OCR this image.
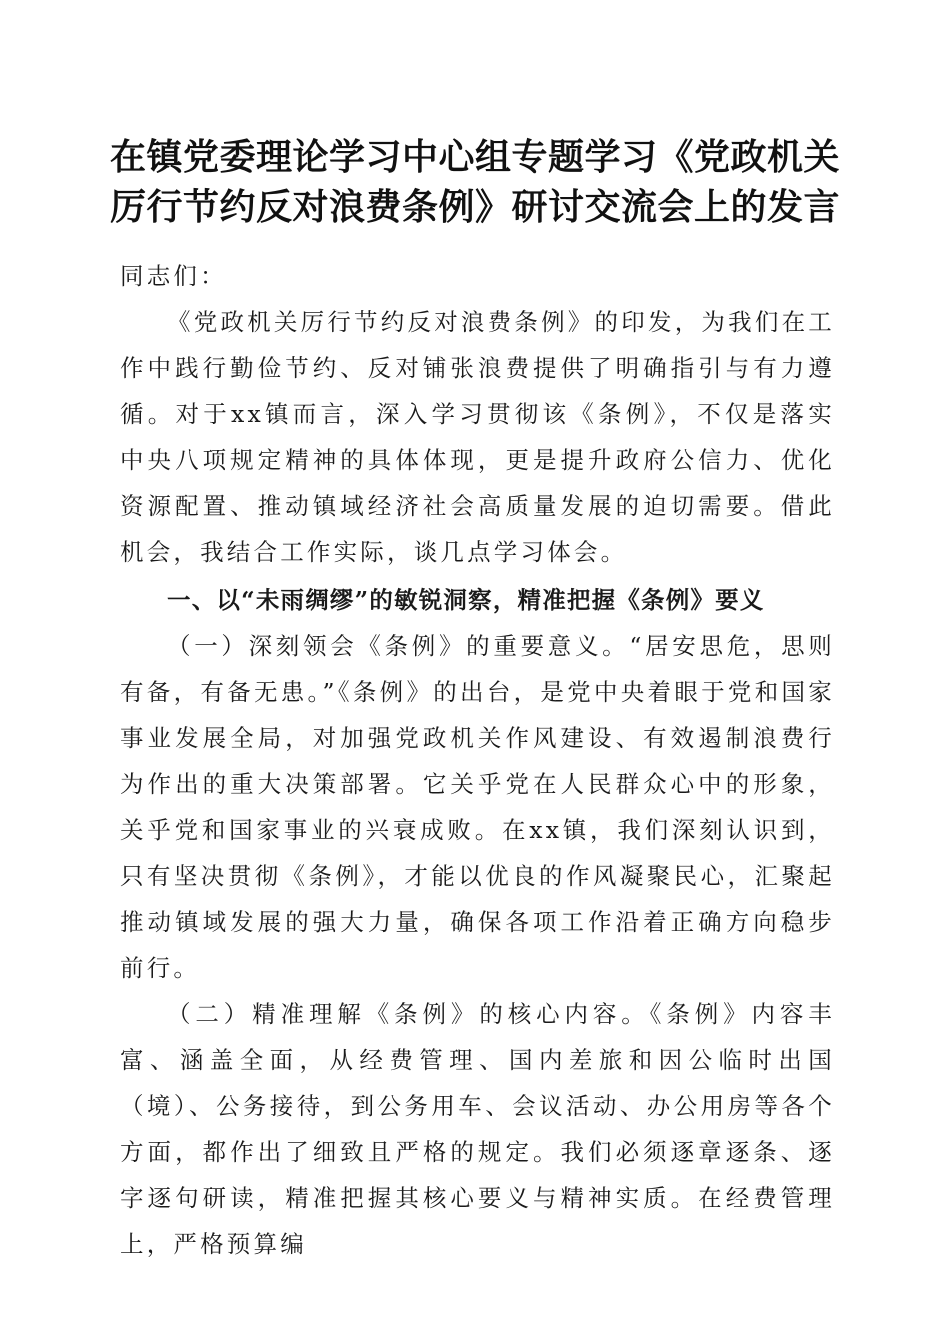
在镇党委理论学习中心组专题学习《党政机关
厉行节约反对浪费条例》研讨交流会上的发言

同志们：

《党政机关厉行节约反对浪费条例》的印发，为我们在工作中践行勤俭节约、反对铺张浪费提供了明确指引与有力遵循。对于xx镇而言，深入学习贯彻该《条例》，不仅是落实中央八项规定精神的具体体现，更是提升政府公信力、优化资源配置、推动镇域经济社会高质量发展的迫切需要。借此机会，我结合工作实际，谈几点学习体会。

一、以“未雨绸缪”的敏锐洞察，精准把握《条例》要义

（一）深刻领会《条例》的重要意义。“居安思危，思则有备，有备无患。”《条例》的出台，是党中央着眼于党和国家事业发展全局，对加强党政机关作风建设、有效遏制浪费行为作出的重大决策部署。它关乎党在人民群众心中的形象，关乎党和国家事业的兴衰成败。在xx镇，我们深刻认识到，只有坚决贯彻《条例》，才能以优良的作风凝聚民心，汇聚起推动镇域发展的强大力量，确保各项工作沿着正确方向稳步前行。

（二）精准理解《条例》的核心内容。《条例》内容丰富、涵盖全面，从经费管理、国内差旅和因公临时出国（境）、公务接待，到公务用车、会议活动、办公用房等各个方面，都作出了细致且严格的规定。我们必须逐章逐条、逐字逐句研读，精准把握其核心要义与精神实质。在经费管理上，严格预算编
